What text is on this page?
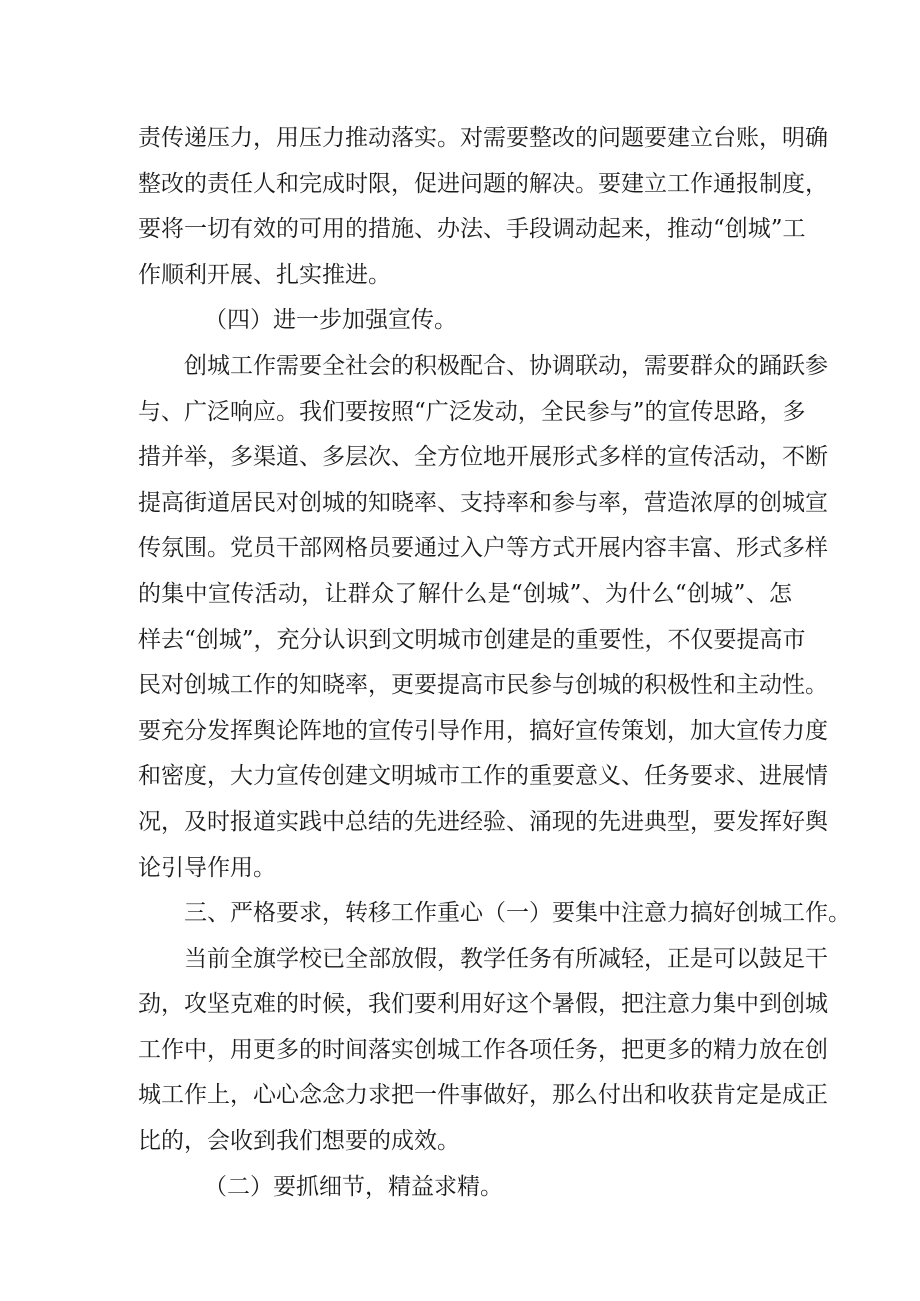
责传递压力，用压力推动落实。对需要整改的问题要建立台账，明确
整改的责任人和完成时限，促进问题的解决。要建立工作通报制度，
要将一切有效的可用的措施、办法、手段调动起来，推动“创城”工
作顺利开展、扎实推进。
（四）进一步加强宣传。
创城工作需要全社会的积极配合、协调联动，需要群众的踊跃参
与、广泛响应。我们要按照“广泛发动，全民参与”的宣传思路，多
措并举，多渠道、多层次、全方位地开展形式多样的宣传活动，不断
提高街道居民对创城的知晓率、支持率和参与率，营造浓厚的创城宣
传氛围。党员干部网格员要通过入户等方式开展内容丰富、形式多样
的集中宣传活动，让群众了解什么是“创城”、为什么“创城”、怎
样去“创城”，充分认识到文明城市创建是的重要性，不仅要提高市
民对创城工作的知晓率，更要提高市民参与创城的积极性和主动性。
要充分发挥舆论阵地的宣传引导作用，搞好宣传策划，加大宣传力度
和密度，大力宣传创建文明城市工作的重要意义、任务要求、进展情
况，及时报道实践中总结的先进经验、涌现的先进典型，要发挥好舆
论引导作用。
三、严格要求，转移工作重心（一）要集中注意力搞好创城工作。
当前全旗学校已全部放假，教学任务有所减轻，正是可以鼓足干
劲，攻坚克难的时候，我们要利用好这个暑假，把注意力集中到创城
工作中，用更多的时间落实创城工作各项任务，把更多的精力放在创
城工作上，心心念念力求把一件事做好，那么付出和收获肯定是成正
比的，会收到我们想要的成效。
（二）要抓细节，精益求精。
